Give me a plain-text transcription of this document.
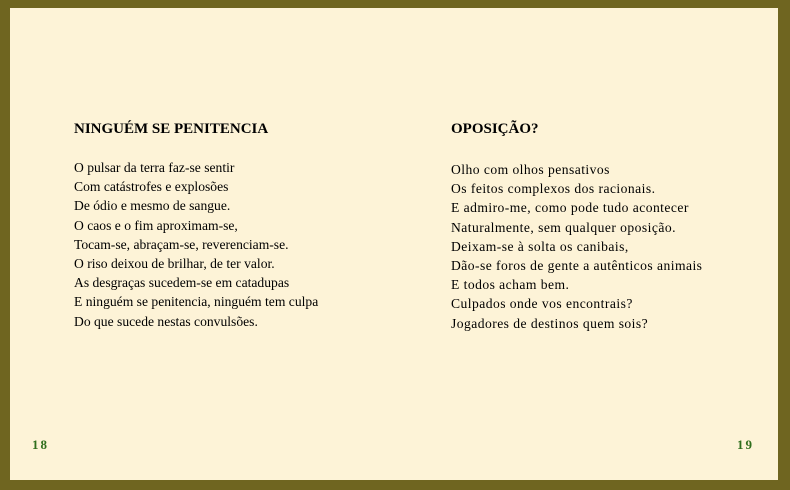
NINGUÉM SE PENITENCIA
O pulsar da terra faz-se sentir
Com catástrofes e explosões
De ódio e mesmo de sangue.
O caos e o fim aproximam-se,
Tocam-se, abraçam-se, reverenciam-se.
O riso deixou de brilhar, de ter valor.
As desgraças sucedem-se em catadupas
E ninguém se penitencia, ninguém tem culpa
Do que sucede nestas convulsões.
OPOSIÇÃO?
Olho com olhos pensativos
Os feitos complexos dos racionais.
E admiro-me, como pode tudo acontecer
Naturalmente, sem qualquer oposição.
Deixam-se à solta os canibais,
Dão-se foros de gente a autênticos animais
E todos acham bem.
Culpados onde vos encontrais?
Jogadores de destinos quem sois?
18	19
